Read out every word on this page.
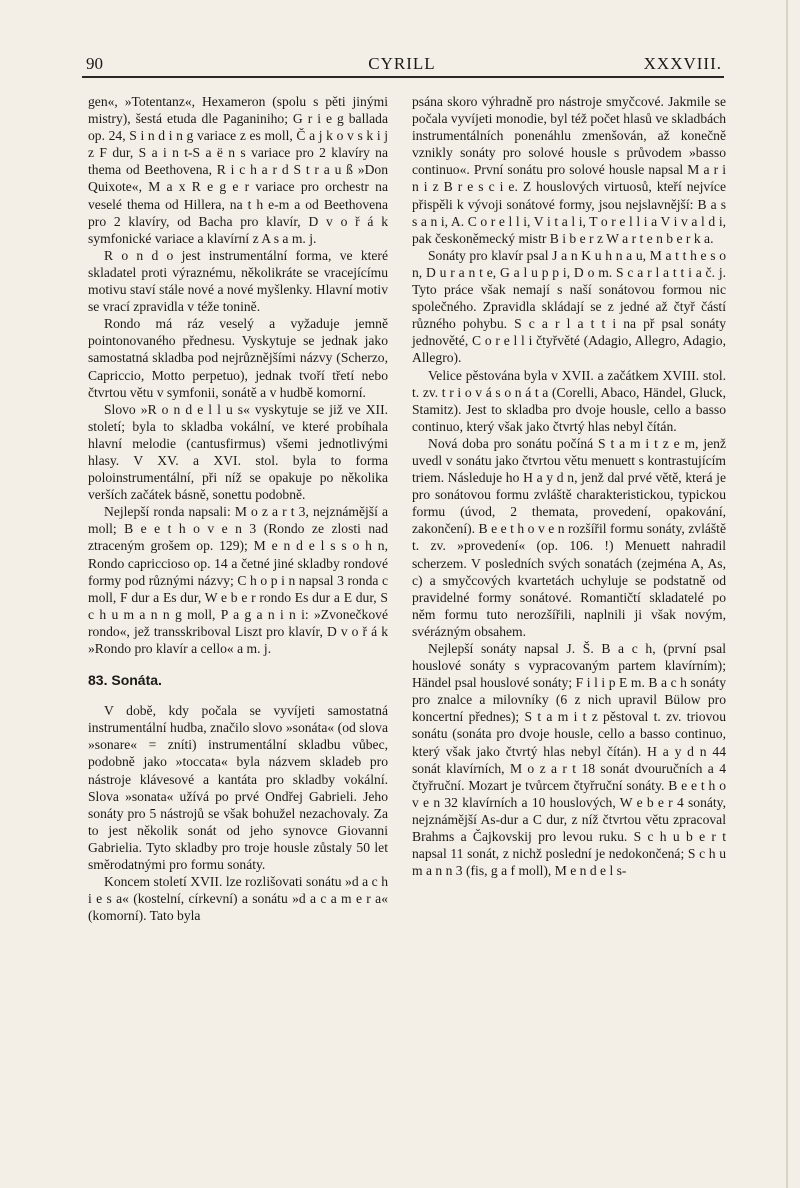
90	CYRILL	XXXVIII.

gen«, »Totentanz«, Hexameron (spolu s pěti jinými mistry), šestá etuda dle Paganiniho; G r i e g ballada op. 24, S i n d i n g variace z es moll, Č a j k o v s k i j z F dur, S a i n t-S a ë n s variace pro 2 klavíry na thema od Beethovena, R i c h a r d S t r a u ß »Don Quixote«, M a x R e g e r variace pro orchestr na veselé thema od Hillera, na t h e-m a od Beethovena pro 2 klavíry, od Bacha pro klavír, D v o ř á k symfonické variace a klavírní z A s a m. j.

R o n d o jest instrumentální forma, ve které skladatel proti výraznému, několikráte se vracejícímu motivu staví stále nové a nové myšlenky. Hlavní motiv se vrací zpravidla v téže tonině.

Rondo má ráz veselý a vyžaduje jemně pointonovaného přednesu. Vyskytuje se jednak jako samostatná skladba pod nejrůznějšími názvy (Scherzo, Capriccio, Motto perpetuo), jednak tvoří třetí nebo čtvrtou větu v symfonii, sonátě a v hudbě komorní.

Slovo »R o n d e l l u s« vyskytuje se již ve XII. století; byla to skladba vokální, ve které probíhala hlavní melodie (cantusfirmus) všemi jednotlivými hlasy. V XV. a XVI. stol. byla to forma poloinstrumentální, při níž se opakuje po několika verších začátek básně, sonettu podobně.

Nejlepší ronda napsali: M o z a r t 3, nejznámější a moll; B e e t h o v e n 3 (Rondo ze zlosti nad ztraceným grošem op. 129); M e n d e l s s o h n, Rondo capriccioso op. 14 a četné jiné skladby rondové formy pod různými názvy; C h o p i n napsal 3 ronda c moll, F dur a Es dur, W e b e r rondo Es dur a E dur, S c h u m a n n g moll, P a g a n i n i: »Zvonečkové rondo«, jež transskriboval Liszt pro klavír, D v o ř á k »Rondo pro klavír a cello« a m. j.

83. Sonáta.

V době, kdy počala se vyvíjeti samostatná instrumentální hudba, značilo slovo »sonáta« (od slova »sonare« = zníti) instrumentální skladbu vůbec, podobně jako »toccata« byla názvem skladeb pro nástroje klávesové a kantáta pro skladby vokální. Slova »sonata« užívá po prvé Ondřej Gabrieli. Jeho sonáty pro 5 nástrojů se však bohužel nezachovaly. Za to jest několik sonát od jeho synovce Giovanni Gabrielia. Tyto skladby pro troje housle zůstaly 50 let směrodatnými pro formu sonáty.

Koncem století XVII. lze rozlišovati sonátu »d a c h i e s a« (kostelní, církevní) a sonátu »d a c a m e r a« (komorní). Tato byla

psána skoro výhradně pro nástroje smyčcové. Jakmile se počala vyvíjeti monodie, byl též počet hlasů ve skladbách instrumentálních ponenáhlu zmenšován, až konečně vznikly sonáty pro solové housle s průvodem »basso continuo«. První sonátu pro solové housle napsal M a r i n i z B r e s c i e. Z houslových virtuosů, kteří nejvíce přispěli k vývoji sonátové formy, jsou nejslavnější: B a s s a n i, A. C o r e l l i, V i t a l i, T o r e l l i a V i v a l d i, pak českoněmecký mistr B i b e r z W a r t e n b e r k a.

Sonáty pro klavír psal J a n K u h n a u, M a t t h e s o n, D u r a n t e, G a l u p p i, D o m. S c a r l a t t i a č. j. Tyto práce však nemají s naší sonátovou formou nic společného. Zpravidla skládají se z jedné až čtyř částí různého pohybu. S c a r l a t t i na př psal sonáty jednověté, C o r e l l i čtyřvěté (Adagio, Allegro, Adagio, Allegro).

Velice pěstována byla v XVII. a začátkem XVIII. stol. t. zv. t r i o v á s o n á t a (Corelli, Abaco, Händel, Gluck, Stamitz). Jest to skladba pro dvoje housle, cello a basso continuo, který však jako čtvrtý hlas nebyl čítán.

Nová doba pro sonátu počíná S t a m i t z e m, jenž uvedl v sonátu jako čtvrtou větu menuett s kontrastujícím triem. Následuje ho H a y d n, jenž dal prvé větě, která je pro sonátovou formu zvláště charakteristickou, typickou formu (úvod, 2 themata, provedení, opakování, zakončení). B e e t h o v e n rozšířil formu sonáty, zvláště t. zv. »provedení« (op. 106. !) Menuett nahradil scherzem. V posledních svých sonatách (zejména A, As, c) a smyčcových kvartetách uchyluje se podstatně od pravidelné formy sonátové. Romantičtí skladatelé po něm formu tuto nerozšířili, naplnili ji však novým, svérázným obsahem.

Nejlepší sonáty napsal J. Š. B a c h, (první psal houslové sonáty s vypracovaným partem klavírním); Händel psal houslové sonáty; F i l i p E m. B a c h sonáty pro znalce a milovníky (6 z nich upravil Bülow pro koncertní přednes); S t a m i t z pěstoval t. zv. triovou sonátu (sonáta pro dvoje housle, cello a basso continuo, který však jako čtvrtý hlas nebyl čítán). H a y d n 44 sonát klavírních, M o z a r t 18 sonát dvouručních a 4 čtyřruční. Mozart je tvůrcem čtyřruční sonáty. B e e t h o v e n 32 klavírních a 10 houslových, W e b e r 4 sonáty, nejznámější As-dur a C dur, z níž čtvrtou větu zpracoval Brahms a Čajkovskij pro levou ruku. S c h u b e r t napsal 11 sonát, z nichž poslední je nedokončená; S c h u m a n n 3 (fis, g a f moll), M e n d e l s-
